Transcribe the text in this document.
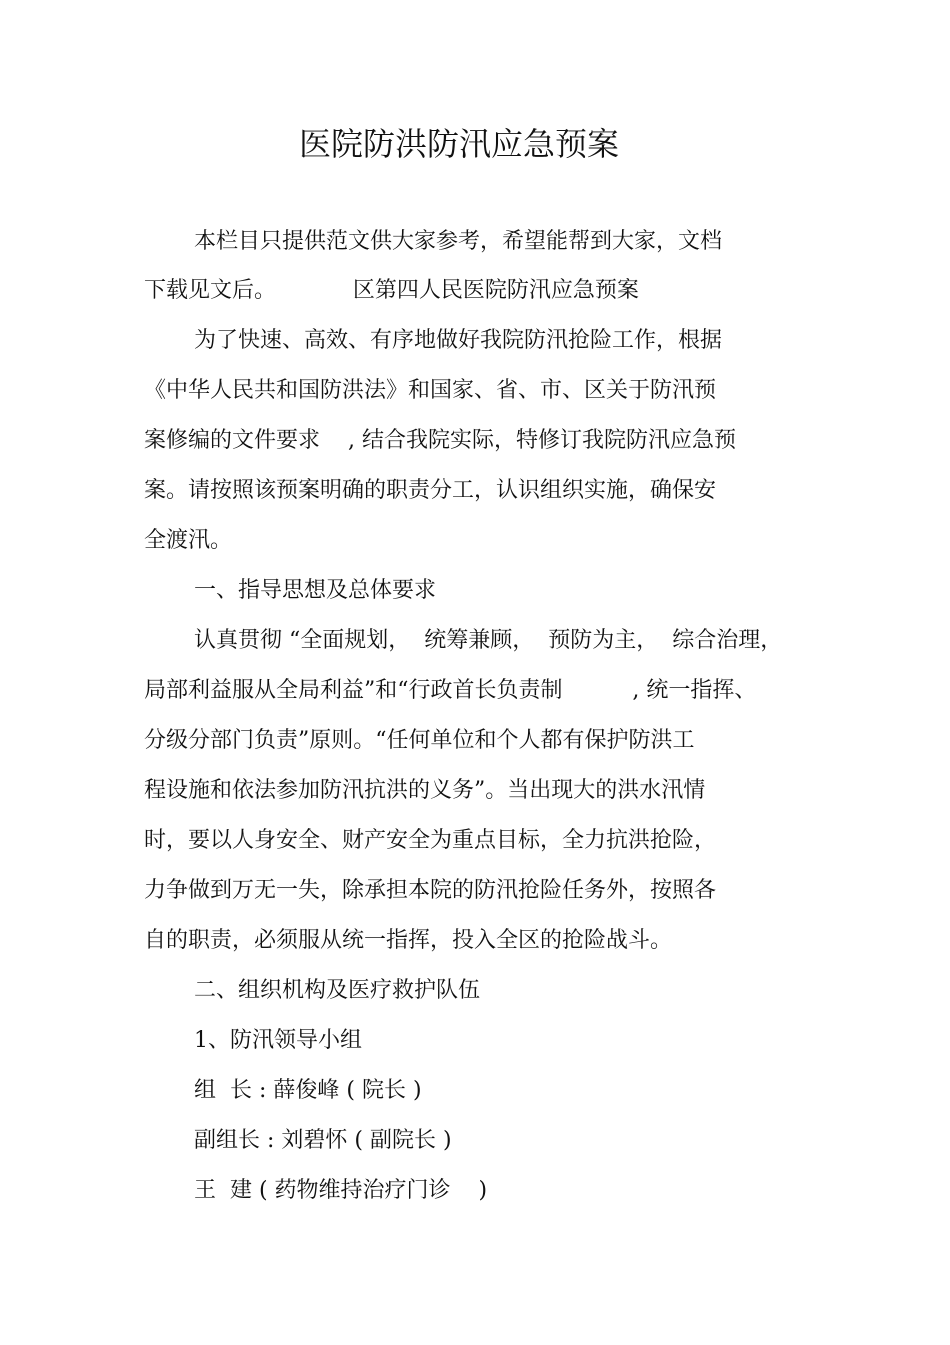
医院防洪防汛应急预案
本栏目只提供范文供大家参考，希望能帮到大家，文档
下载见文后。           区第四人民医院防汛应急预案
为了快速、高效、有序地做好我院防汛抢险工作，根据
《中华人民共和国防洪法》和国家、省、市、区关于防汛预
案修编的文件要求    , 结合我院实际，特修订我院防汛应急预
案。请按照该预案明确的职责分工，认识组织实施，确保安
全渡汛。
一、指导思想及总体要求
认真贯彻 “全面规划，  统筹兼顾，  预防为主，  综合治理，
局部利益服从全局利益”和“行政首长负责制          , 统一指挥、
分级分部门负责”原则。“任何单位和个人都有保护防洪工
程设施和依法参加防汛抗洪的义务”。当出现大的洪水汛情
时，要以人身安全、财产安全为重点目标，全力抗洪抢险，
力争做到万无一失，除承担本院的防汛抢险任务外，按照各
自的职责，必须服从统一指挥，投入全区的抢险战斗。
二、组织机构及医疗救护队伍
1、防汛领导小组
组  长 : 薛俊峰 ( 院长 )
副组长 : 刘碧怀 ( 副院长 )
王  建 ( 药物维持治疗门诊    )
